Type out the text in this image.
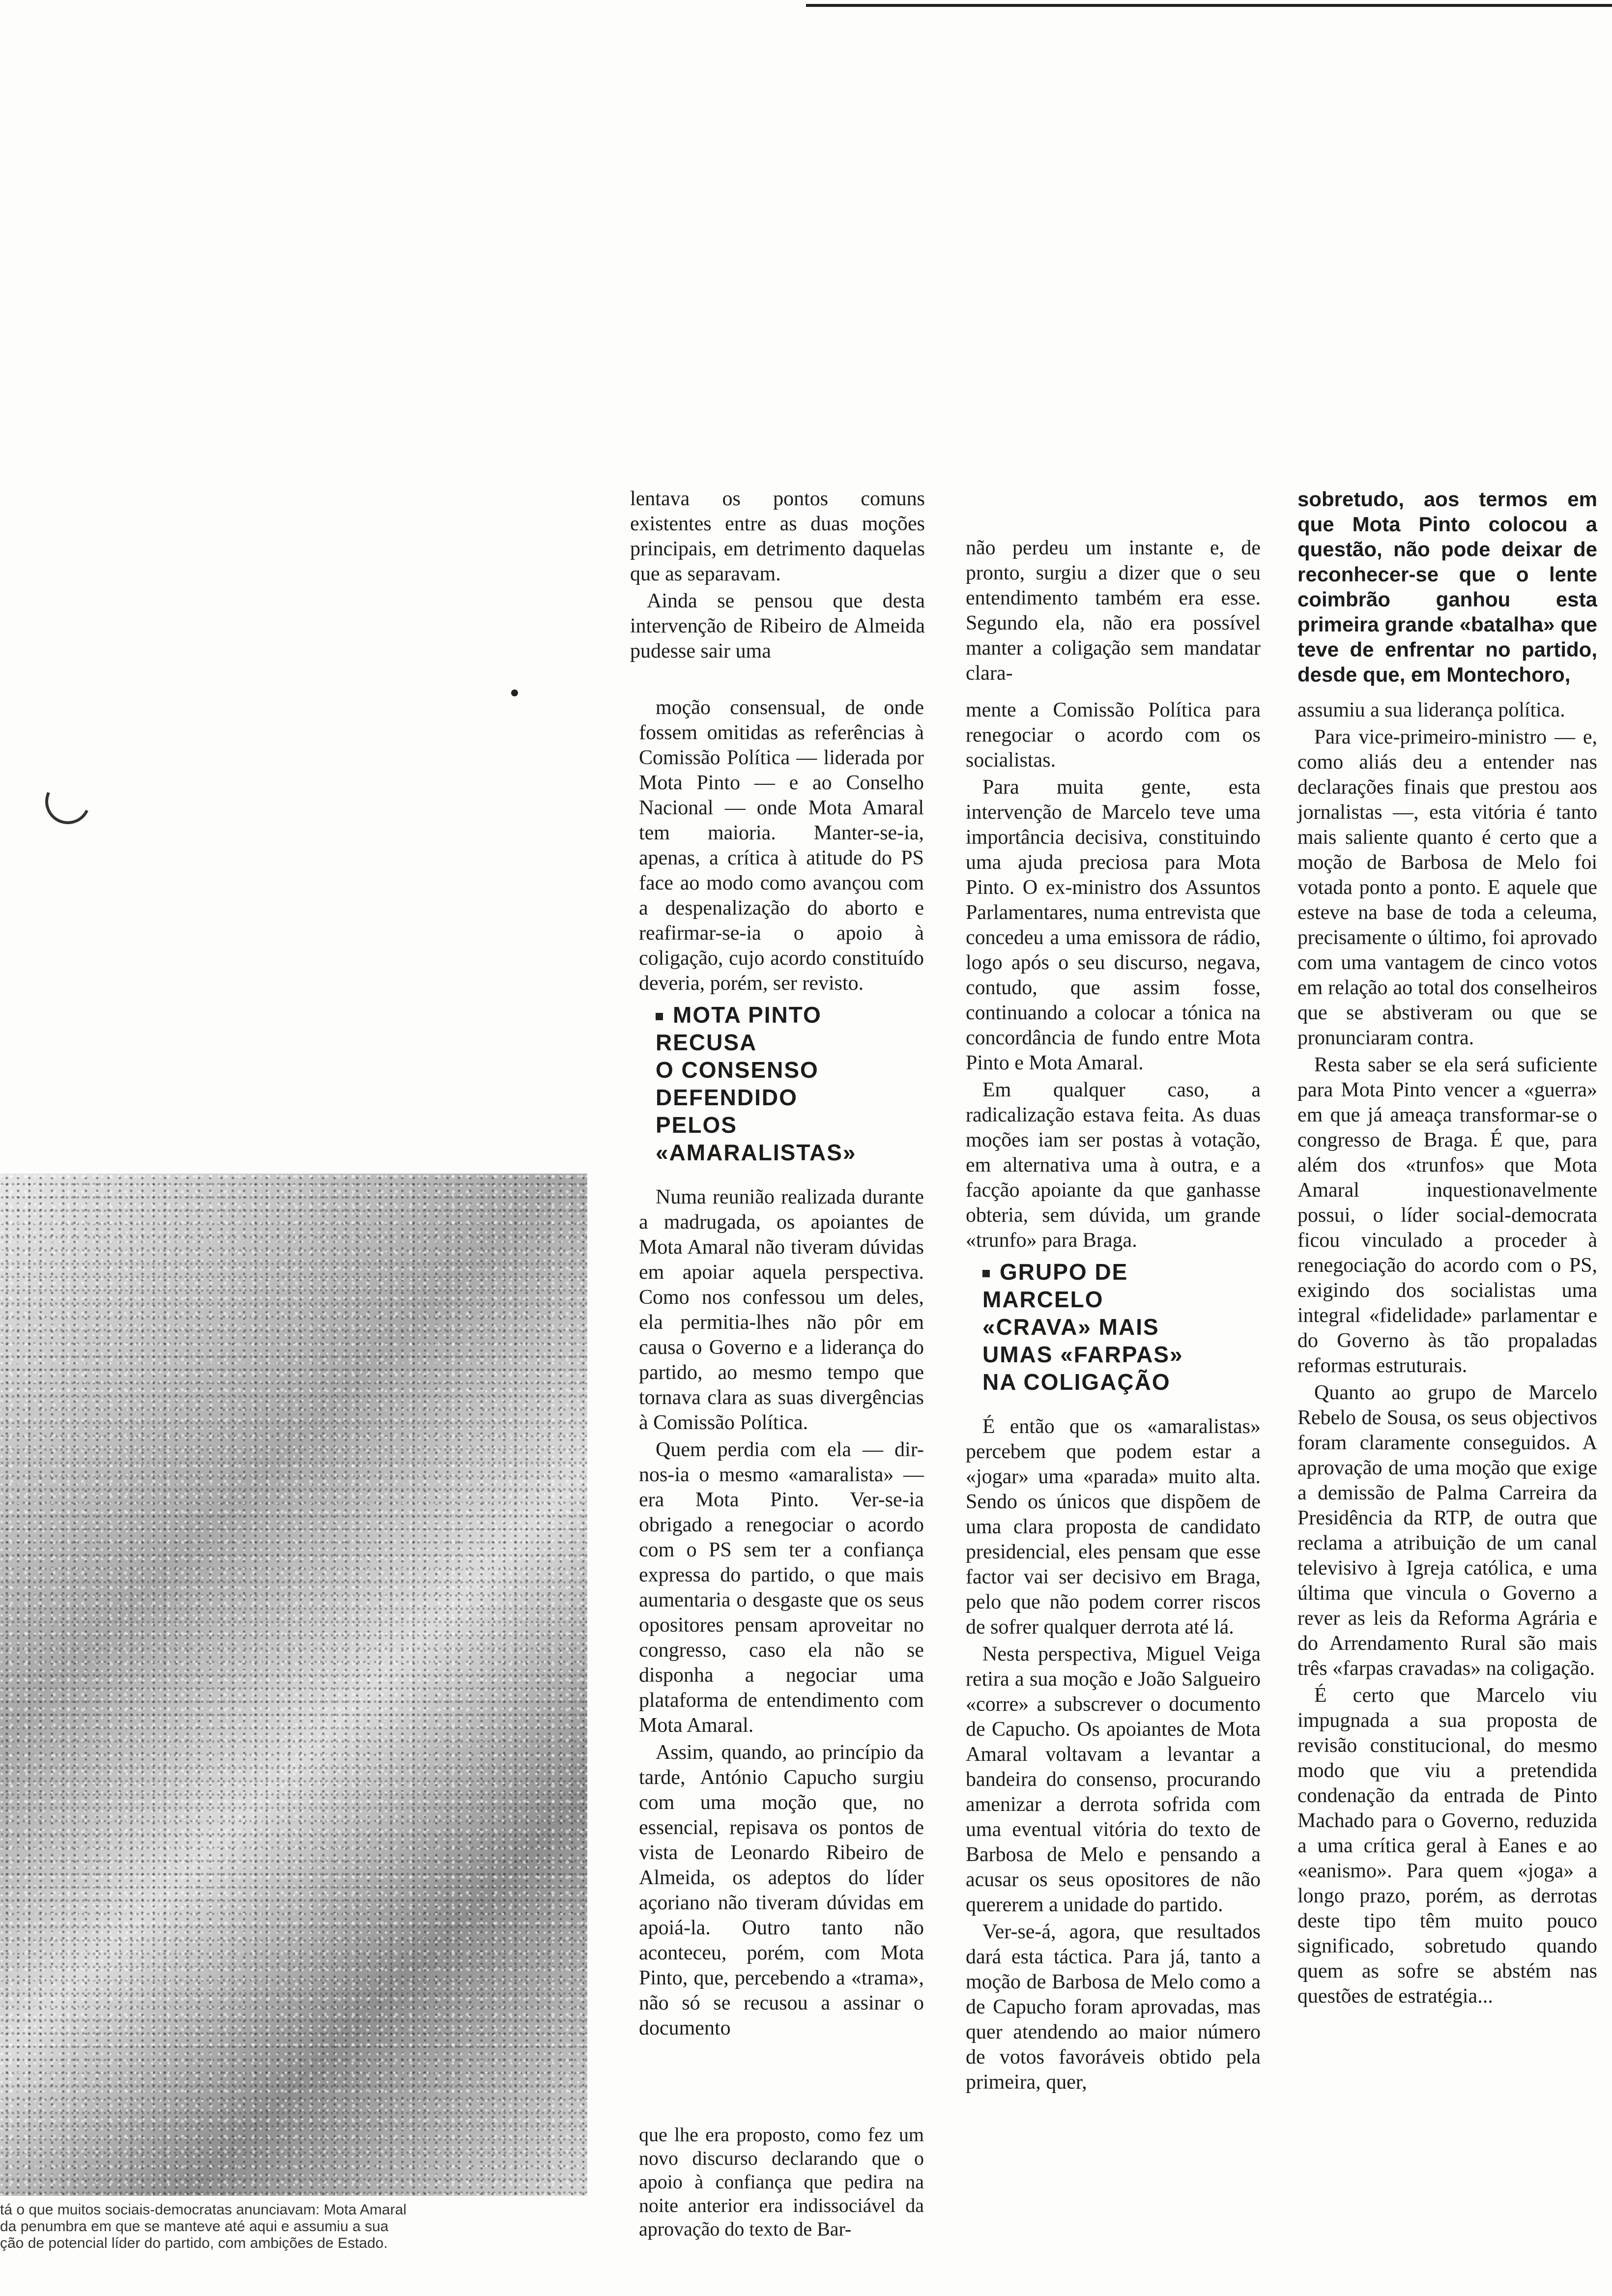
tá o que muitos sociais-democratas anunciavam: Mota Amaral
da penumbra em que se manteve até aqui e assumiu a sua
ção de potencial líder do partido, com ambições de Estado.

lentava os pontos comuns existentes entre as duas moções principais, em detrimento daquelas que as separavam.

Ainda se pensou que desta intervenção de Ribeiro de Almeida pudesse sair uma

moção consensual, de onde fossem omitidas as referências à Comissão Política — liderada por Mota Pinto — e ao Conselho Nacional — onde Mota Amaral tem maioria. Manter-se-ia, apenas, a crítica à atitude do PS face ao modo como avançou com a despenalização do aborto e reafirmar-se-ia o apoio à coligação, cujo acordo constituído deveria, porém, ser revisto.

MOTA PINTO
RECUSA
O CONSENSO
DEFENDIDO
PELOS
«AMARALISTAS»

Numa reunião realizada durante a madrugada, os apoiantes de Mota Amaral não tiveram dúvidas em apoiar aquela perspectiva. Como nos confessou um deles, ela permitia-lhes não pôr em causa o Governo e a liderança do partido, ao mesmo tempo que tornava clara as suas divergências à Comissão Política.

Quem perdia com ela — dir-nos-ia o mesmo «amaralista» — era Mota Pinto. Ver-se-ia obrigado a renegociar o acordo com o PS sem ter a confiança expressa do partido, o que mais aumentaria o desgaste que os seus opositores pensam aproveitar no congresso, caso ela não se disponha a negociar uma plataforma de entendimento com Mota Amaral.

Assim, quando, ao princípio da tarde, António Capucho surgiu com uma moção que, no essencial, repisava os pontos de vista de Leonardo Ribeiro de Almeida, os adeptos do líder açoriano não tiveram dúvidas em apoiá-la. Outro tanto não aconteceu, porém, com Mota Pinto, que, percebendo a «trama», não só se recusou a assinar o documento

que lhe era proposto, como fez um novo discurso declarando que o apoio à confiança que pedira na noite anterior era indissociável da aprovação do texto de Bar-

não perdeu um instante e, de pronto, surgiu a dizer que o seu entendimento também era esse. Segundo ela, não era possível manter a coligação sem mandatar clara-

mente a Comissão Política para renegociar o acordo com os socialistas.

Para muita gente, esta intervenção de Marcelo teve uma importância decisiva, constituindo uma ajuda preciosa para Mota Pinto. O ex-ministro dos Assuntos Parlamentares, numa entrevista que concedeu a uma emissora de rádio, logo após o seu discurso, negava, contudo, que assim fosse, continuando a colocar a tónica na concordância de fundo entre Mota Pinto e Mota Amaral.

Em qualquer caso, a radicalização estava feita. As duas moções iam ser postas à votação, em alternativa uma à outra, e a facção apoiante da que ganhasse obteria, sem dúvida, um grande «trunfo» para Braga.

GRUPO DE
MARCELO
«CRAVA» MAIS
UMAS «FARPAS»
NA COLIGAÇÃO

É então que os «amaralistas» percebem que podem estar a «jogar» uma «parada» muito alta. Sendo os únicos que dispõem de uma clara proposta de candidato presidencial, eles pensam que esse factor vai ser decisivo em Braga, pelo que não podem correr riscos de sofrer qualquer derrota até lá.

Nesta perspectiva, Miguel Veiga retira a sua moção e João Salgueiro «corre» a subscrever o documento de Capucho. Os apoiantes de Mota Amaral voltavam a levantar a bandeira do consenso, procurando amenizar a derrota sofrida com uma eventual vitória do texto de Barbosa de Melo e pensando a acusar os seus opositores de não quererem a unidade do partido.

Ver-se-á, agora, que resultados dará esta táctica. Para já, tanto a moção de Barbosa de Melo como a de Capucho foram aprovadas, mas quer atendendo ao maior número de votos favoráveis obtido pela primeira, quer,

sobretudo, aos termos em que Mota Pinto colocou a questão, não pode deixar de reconhecer-se que o lente coimbrão ganhou esta primeira grande «batalha» que teve de enfrentar no partido, desde que, em Montechoro,

assumiu a sua liderança política.

Para vice-primeiro-ministro — e, como aliás deu a entender nas declarações finais que prestou aos jornalistas —, esta vitória é tanto mais saliente quanto é certo que a moção de Barbosa de Melo foi votada ponto a ponto. E aquele que esteve na base de toda a celeuma, precisamente o último, foi aprovado com uma vantagem de cinco votos em relação ao total dos conselheiros que se abstiveram ou que se pronunciaram contra.

Resta saber se ela será suficiente para Mota Pinto vencer a «guerra» em que já ameaça transformar-se o congresso de Braga. É que, para além dos «trunfos» que Mota Amaral inquestionavelmente possui, o líder social-democrata ficou vinculado a proceder à renegociação do acordo com o PS, exigindo dos socialistas uma integral «fidelidade» parlamentar e do Governo às tão propaladas reformas estruturais.

Quanto ao grupo de Marcelo Rebelo de Sousa, os seus objectivos foram claramente conseguidos. A aprovação de uma moção que exige a demissão de Palma Carreira da Presidência da RTP, de outra que reclama a atribuição de um canal televisivo à Igreja católica, e uma última que vincula o Governo a rever as leis da Reforma Agrária e do Arrendamento Rural são mais três «farpas cravadas» na coligação.

É certo que Marcelo viu impugnada a sua proposta de revisão constitucional, do mesmo modo que viu a pretendida condenação da entrada de Pinto Machado para o Governo, reduzida a uma crítica geral à Eanes e ao «eanismo». Para quem «joga» a longo prazo, porém, as derrotas deste tipo têm muito pouco significado, sobretudo quando quem as sofre se abstém nas questões de estratégia...
